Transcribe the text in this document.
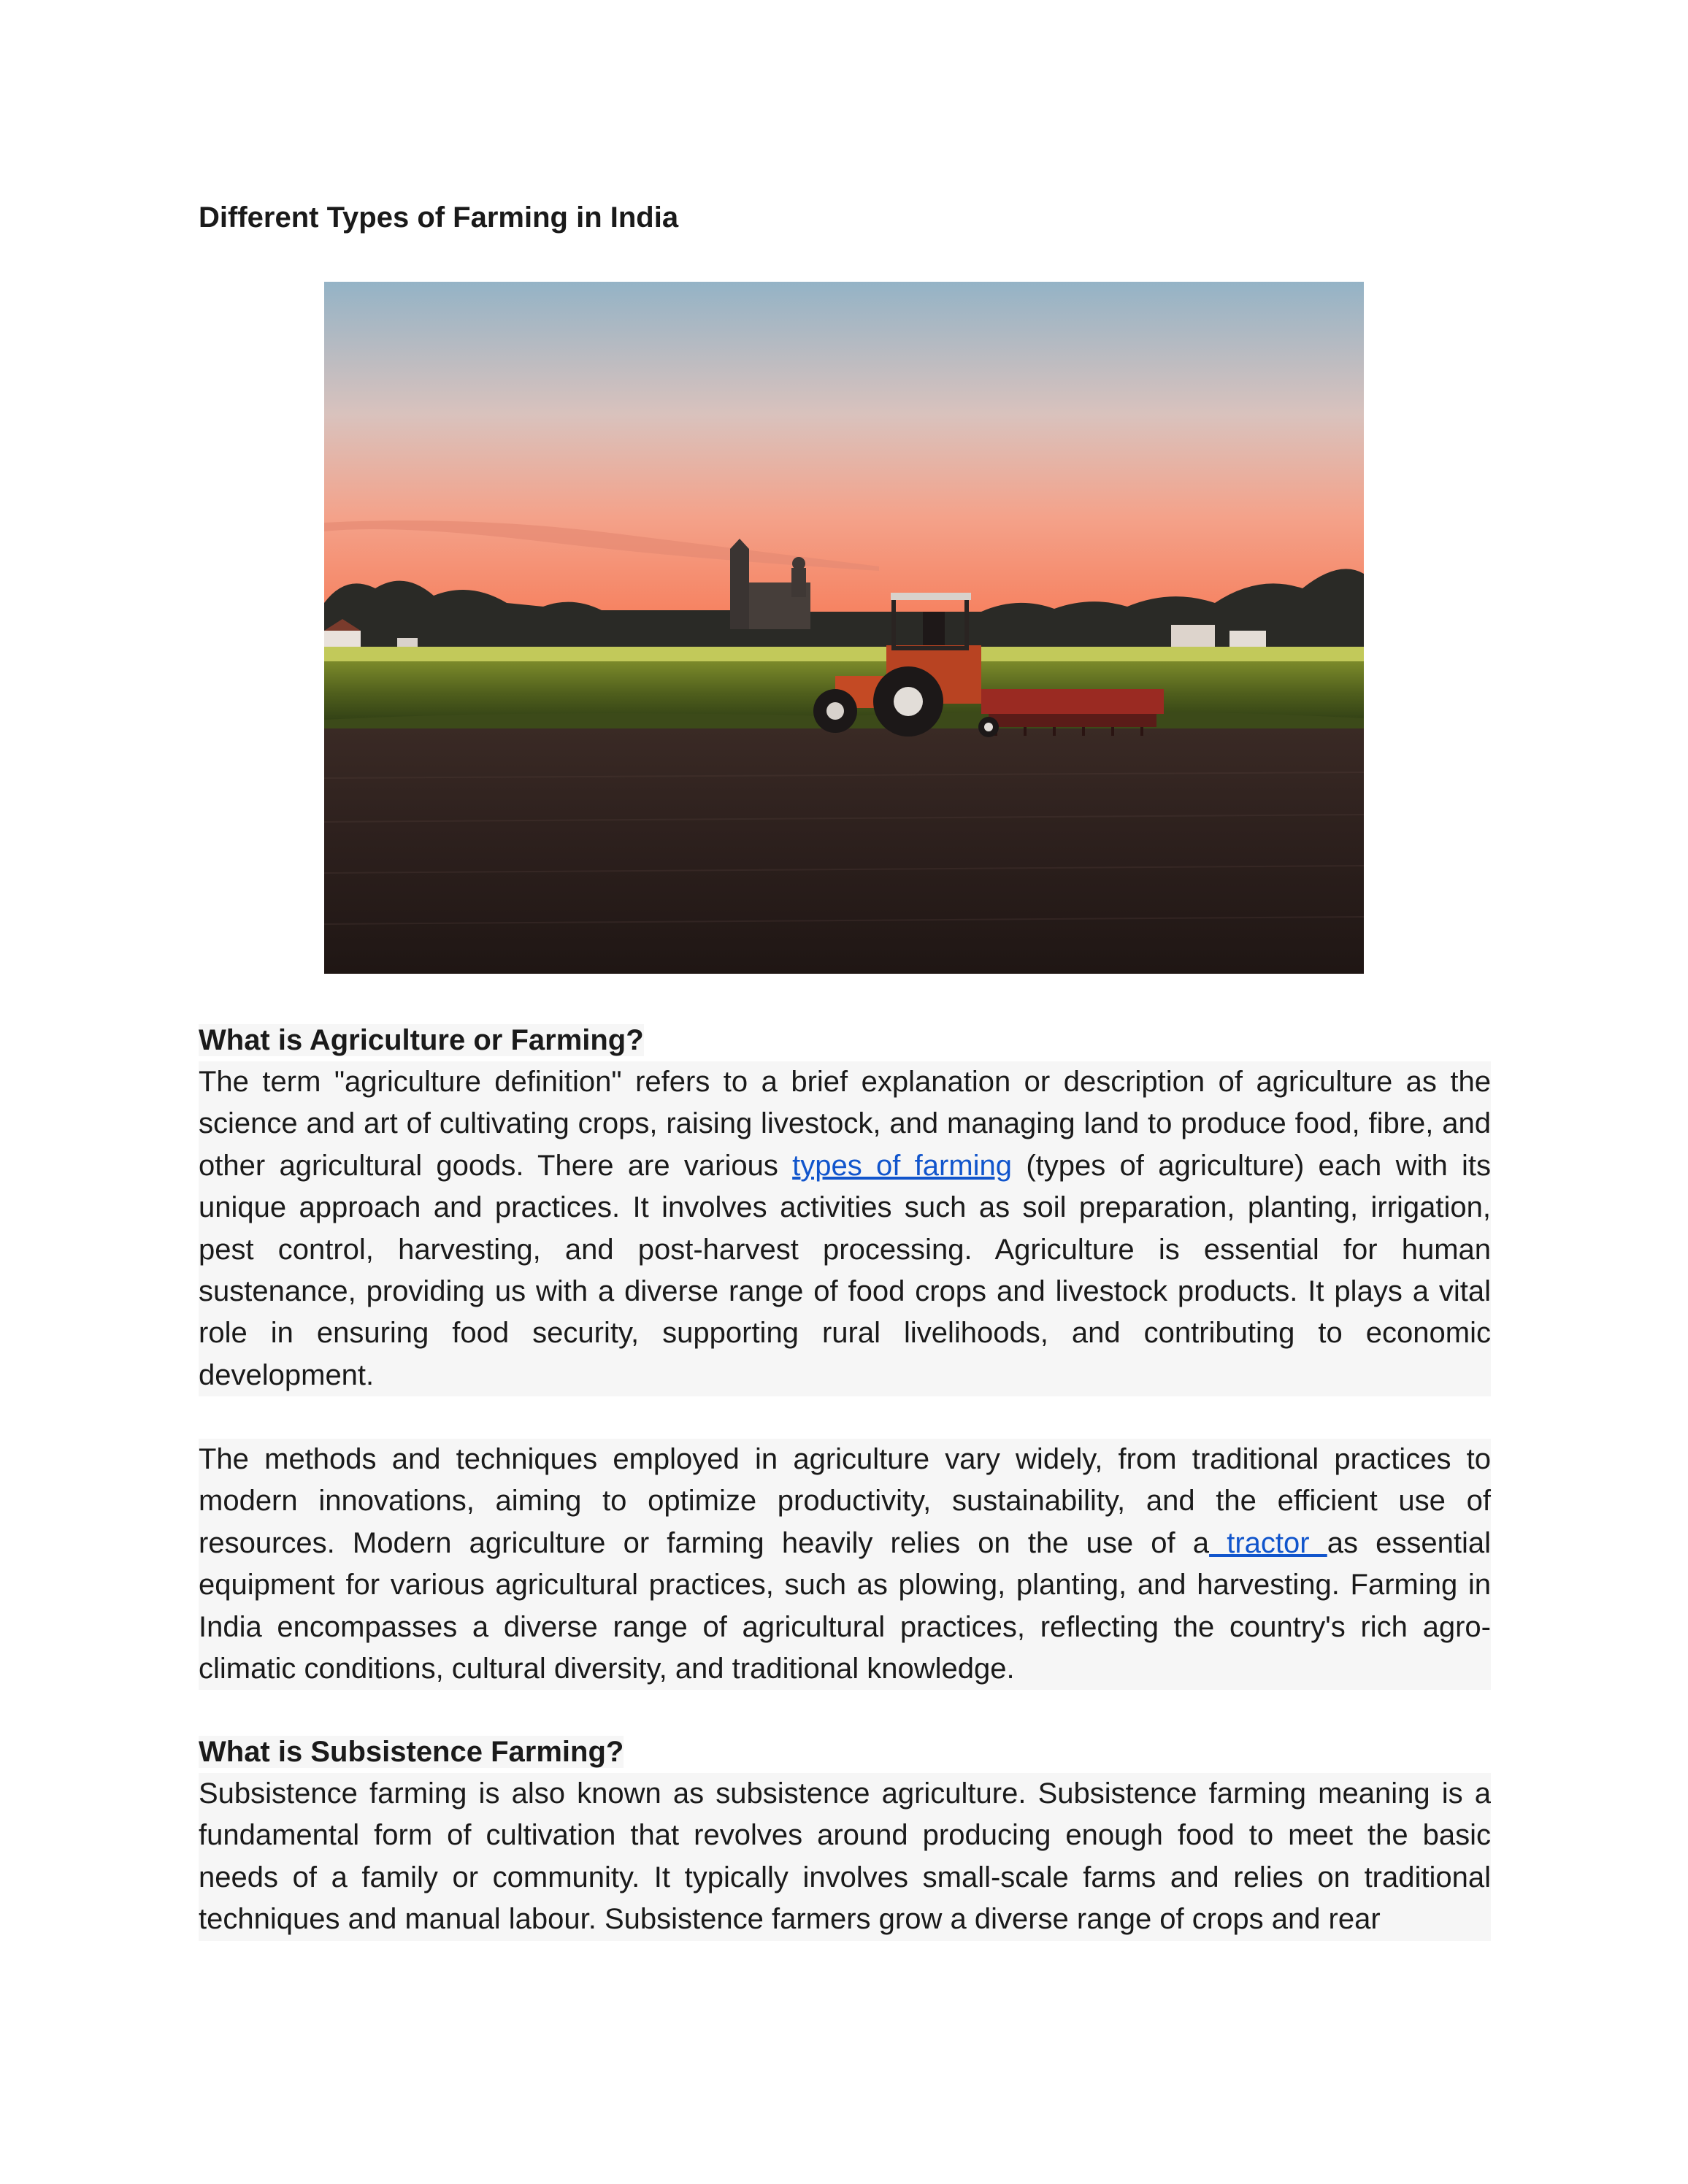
Different Types of Farming in India
What is Agriculture or Farming?

The term "agriculture definition" refers to a brief explanation or description of agriculture as the science and art of cultivating crops, raising livestock, and managing land to produce food, fibre, and other agricultural goods. There are various types of farming (types of agriculture) each with its unique approach and practices. It involves activities such as soil preparation, planting, irrigation, pest control, harvesting, and post-harvest processing. Agriculture is essential for human sustenance, providing us with a diverse range of food crops and livestock products. It plays a vital role in ensuring food security, supporting rural livelihoods, and contributing to economic development.

The methods and techniques employed in agriculture vary widely, from traditional practices to modern innovations, aiming to optimize productivity, sustainability, and the efficient use of resources. Modern agriculture or farming heavily relies on the use of a tractor as essential equipment for various agricultural practices, such as plowing, planting, and harvesting. Farming in India encompasses a diverse range of agricultural practices, reflecting the country's rich agro-climatic conditions, cultural diversity, and traditional knowledge.

What is Subsistence Farming?

Subsistence farming is also known as subsistence agriculture. Subsistence farming meaning is a fundamental form of cultivation that revolves around producing enough food to meet the basic needs of a family or community. It typically involves small-scale farms and relies on traditional techniques and manual labour. Subsistence farmers grow a diverse range of crops and rear
